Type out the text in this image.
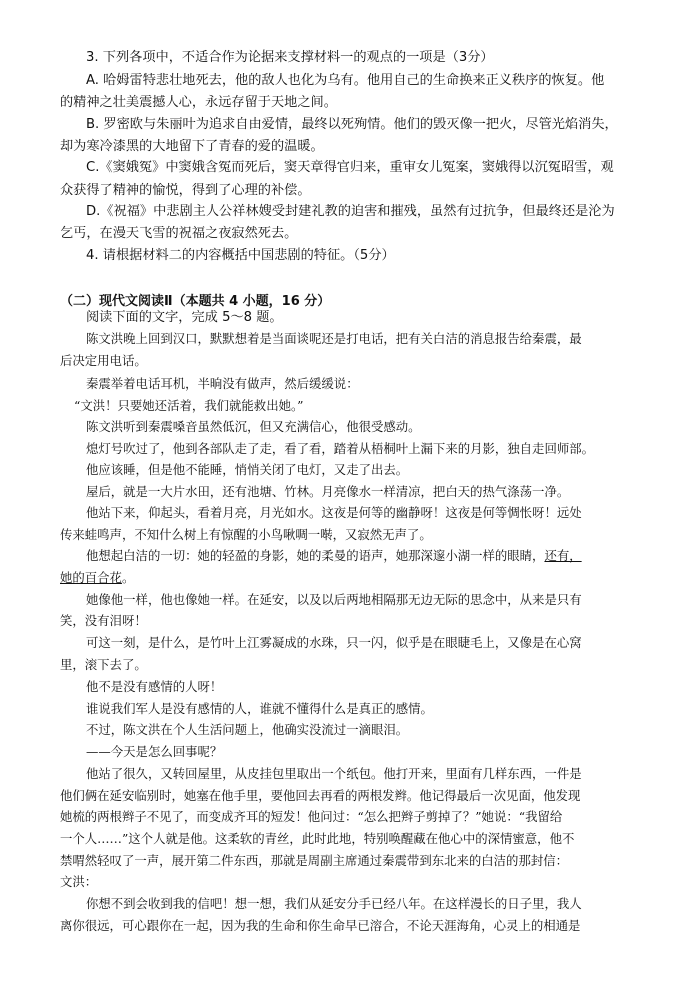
3. 下列各项中，不适合作为论据来支撑材料一的观点的一项是（3分）
A. 哈姆雷特悲壮地死去，他的敌人也化为乌有。他用自己的生命换来正义秩序的恢复。他
的精神之壮美震撼人心，永远存留于天地之间。
B. 罗密欧与朱丽叶为追求自由爱情，最终以死殉情。他们的毁灭像一把火，尽管光焰消失，
却为寒冷漆黑的大地留下了青春的爱的温暖。
C.《窦娥冤》中窦娥含冤而死后，窦天章得官归来，重审女儿冤案，窦娥得以沉冤昭雪，观
众获得了精神的愉悦，得到了心理的补偿。
D.《祝福》中悲剧主人公祥林嫂受封建礼教的迫害和摧残，虽然有过抗争，但最终还是沦为
乞丐，在漫天飞雪的祝福之夜寂然死去。
4. 请根据材料二的内容概括中国悲剧的特征。（5分）
（二）现代文阅读Ⅱ（本题共 4 小题，16 分）
阅读下面的文字，完成 5～8 题。
陈文洪晚上回到汉口，默默想着是当面谈呢还是打电话，把有关白洁的消息报告给秦震，最
后决定用电话。
秦震举着电话耳机，半晌没有做声，然后缓缓说：
“文洪！只要她还活着，我们就能救出她。”
陈文洪听到秦震嗓音虽然低沉，但又充满信心，他很受感动。
熄灯号吹过了，他到各部队走了走，看了看，踏着从梧桐叶上漏下来的月影，独自走回师部。
他应该睡，但是他不能睡，悄悄关闭了电灯，又走了出去。
屋后，就是一大片水田，还有池塘、竹林。月亮像水一样清凉，把白天的热气涤荡一净。
他站下来，仰起头，看着月亮，月光如水。这夜是何等的幽静呀！这夜是何等惆怅呀！远处
传来蛙鸣声，不知什么树上有惊醒的小鸟啾啁一啭，又寂然无声了。
他想起白洁的一切：她的轻盈的身影，她的柔曼的语声，她那深邃小湖一样的眼睛，还有，
她的百合花。
她像他一样，他也像她一样。在延安，以及以后两地相隔那无边无际的思念中，从来是只有
笑，没有泪呀！
可这一刻，是什么，是竹叶上江雾凝成的水珠，只一闪，似乎是在眼睫毛上，又像是在心窝
里，滚下去了。
他不是没有感情的人呀！
谁说我们军人是没有感情的人，谁就不懂得什么是真正的感情。
不过，陈文洪在个人生活问题上，他确实没流过一滴眼泪。
——今天是怎么回事呢？
他站了很久，又转回屋里，从皮挂包里取出一个纸包。他打开来，里面有几样东西，一件是
他们俩在延安临别时，她塞在他手里，要他回去再看的两根发辫。他记得最后一次见面，他发现
她梳的两根辫子不见了，而变成齐耳的短发！他问过：“怎么把辫子剪掉了？”她说：“我留给
一个人……”这个人就是他。这柔软的青丝，此时此地，特别唤醒藏在他心中的深情蜜意，他不
禁喟然轻叹了一声，展开第二件东西，那就是周副主席通过秦震带到东北来的白洁的那封信：
文洪：
你想不到会收到我的信吧！想一想，我们从延安分手已经八年。在这样漫长的日子里，我人
离你很远，可心跟你在一起，因为我的生命和你生命早已溶合，不论天涯海角，心灵上的相通是
